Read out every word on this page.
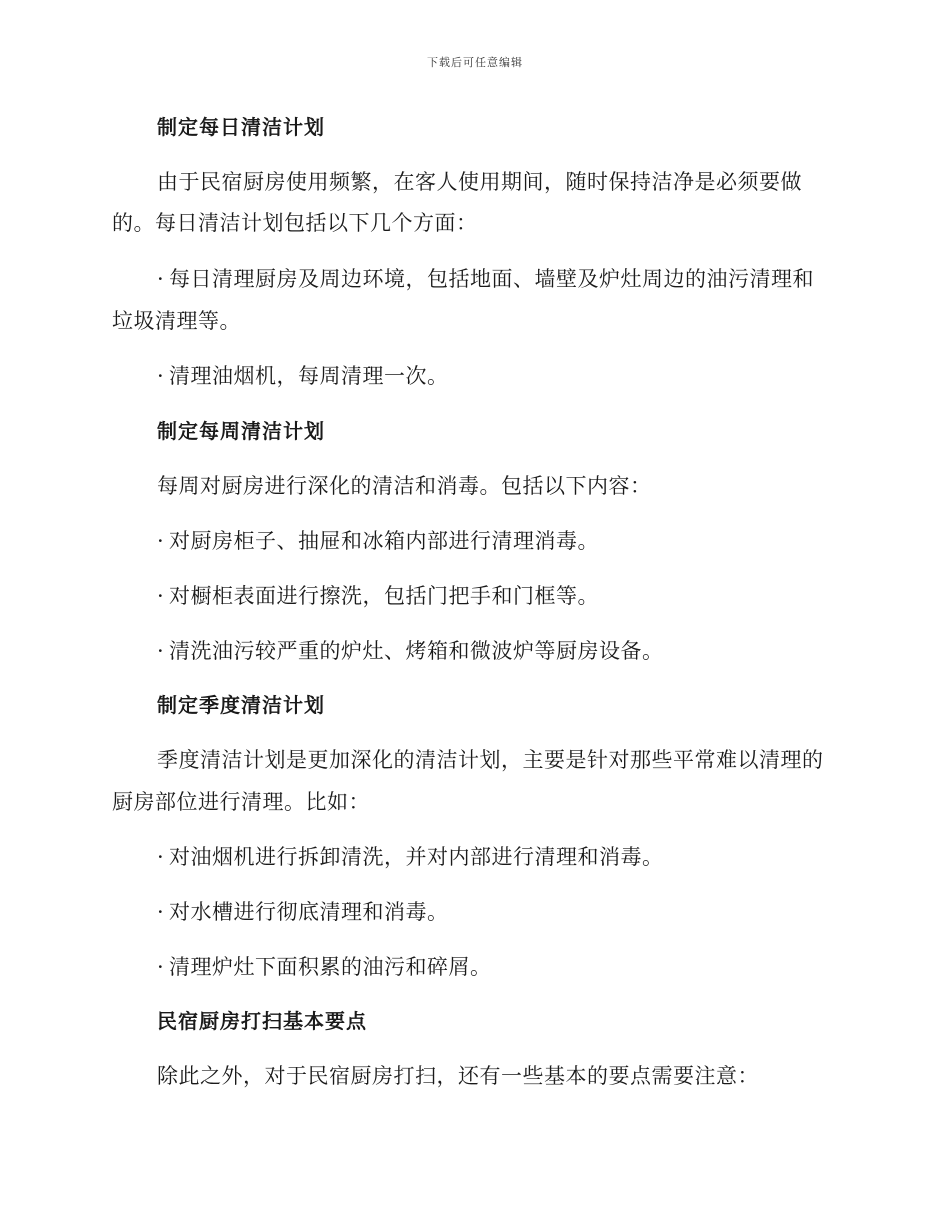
下载后可任意编辑
制定每日清洁计划
由于民宿厨房使用频繁，在客人使用期间，随时保持洁净是必须要做
的。每日清洁计划包括以下几个方面：
· 每日清理厨房及周边环境，包括地面、墙壁及炉灶周边的油污清理和
垃圾清理等。
· 清理油烟机，每周清理一次。
制定每周清洁计划
每周对厨房进行深化的清洁和消毒。包括以下内容：
· 对厨房柜子、抽屉和冰箱内部进行清理消毒。
· 对橱柜表面进行擦洗，包括门把手和门框等。
· 清洗油污较严重的炉灶、烤箱和微波炉等厨房设备。
制定季度清洁计划
季度清洁计划是更加深化的清洁计划，主要是针对那些平常难以清理的
厨房部位进行清理。比如：
· 对油烟机进行拆卸清洗，并对内部进行清理和消毒。
· 对水槽进行彻底清理和消毒。
· 清理炉灶下面积累的油污和碎屑。
民宿厨房打扫基本要点
除此之外，对于民宿厨房打扫，还有一些基本的要点需要注意：
